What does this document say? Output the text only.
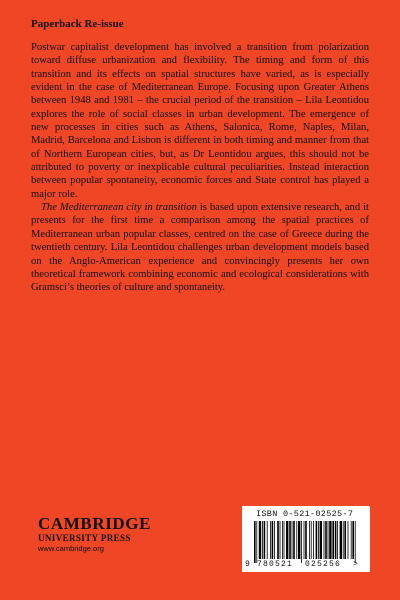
Paperback Re-issue

Postwar capitalist development has involved a transition from polarization toward diffuse urbanization and flexibility. The timing and form of this transition and its effects on spatial structures have varied, as is especially evident in the case of Mediterranean Europe. Focusing upon Greater Athens between 1948 and 1981 – the crucial period of the transition – Lila Leontidou explores the role of social classes in urban development. The emergence of new processes in cities such as Athens, Salonica, Rome, Naples, Milan, Madrid, Barcelona and Lisbon is different in both timing and manner from that of Northern European cities, but, as Dr Leontidou argues, this should not be attributed to poverty or inexplicable cultural peculiarities. Instead interaction between popular spontaneity, economic forces and State control has played a major role.

The Mediterranean city in transition is based upon extensive research, and it presents for the first time a comparison among the spatial practices of Mediterranean urban popular classes, centred on the case of Greece during the twentieth century. Lila Leontidou challenges urban development models based on the Anglo-American experience and convincingly presents her own theoretical framework combining economic and ecological considerations with Gramsci’s theories of culture and spontaneity.

CAMBRIDGE
UNIVERSITY PRESS
www.cambridge.org
ISBN 0-521-02525-7
9 780521	025256	>
